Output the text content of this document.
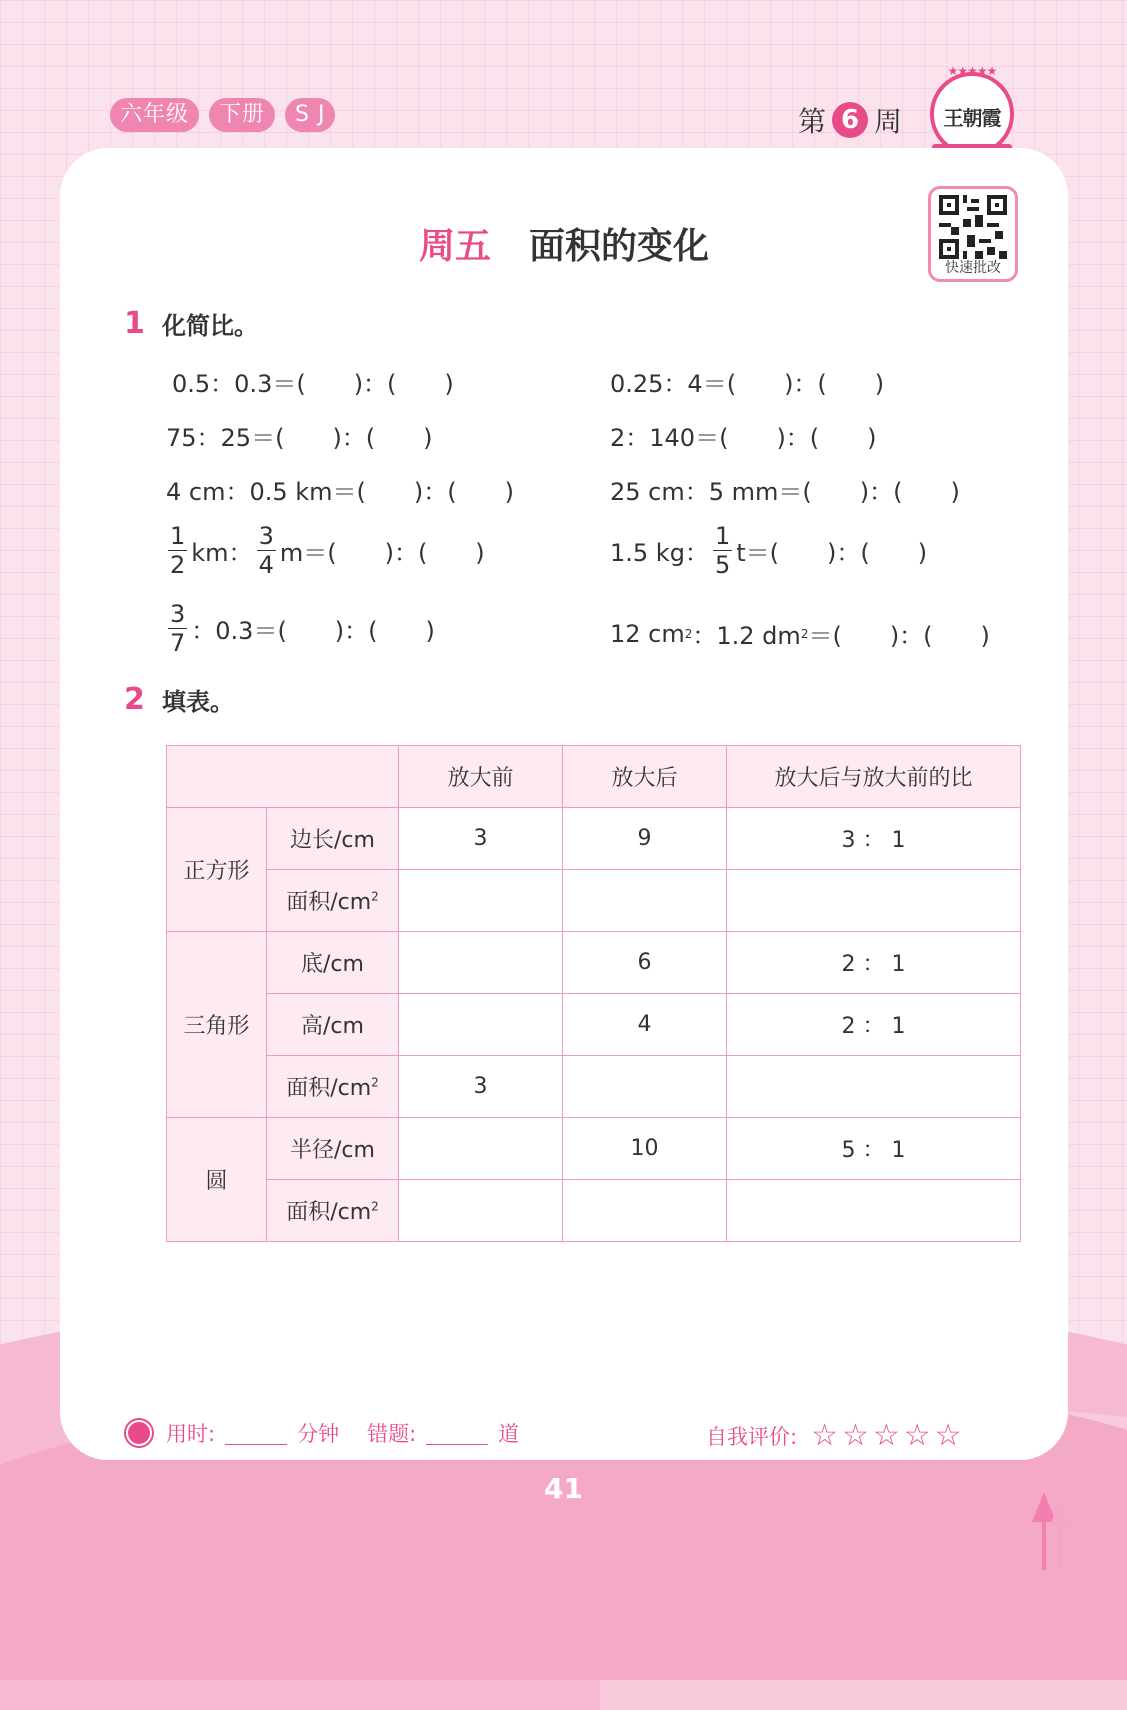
六年级	下册	S J	第 6 周
★★★★★
王朝霞
周五 面积的变化
快速批改
1 化简比。
0.5：0.3＝(　　)：(　　)	0.25：4＝(　　)：(　　)
75：25＝(　　)：(　　)	2：140＝(　　)：(　　)
4 cm：0.5 km＝(　　)：(　　)	25 cm：5 mm＝(　　)：(　　)
$\frac{1}{2}$ km： $\frac{3}{4} m=$(　　)：(　　)	1.5 kg： $\frac{1}{5} t=$(　　)：(　　)
$\frac{3}{7}$ ：0.3＝(　　)：(　　)	12 cm 2 ：1.2 dm 2 ＝(　　)：(　　)
2 填表。
		放大前	放大后	放大后与放大前的比
正方形	边长/cm	3	9	3 ： 1
	面积$/cm^2$			
三角形	底/cm		6	2 ： 1
	高/cm		4	2 ： 1
	面积$/cm^2$	3		
圆	半径/cm		10	5 ： 1
	面积$/cm^2$			
用时:	分钟 错题:	道	自我评价: ☆☆☆☆☆
41
